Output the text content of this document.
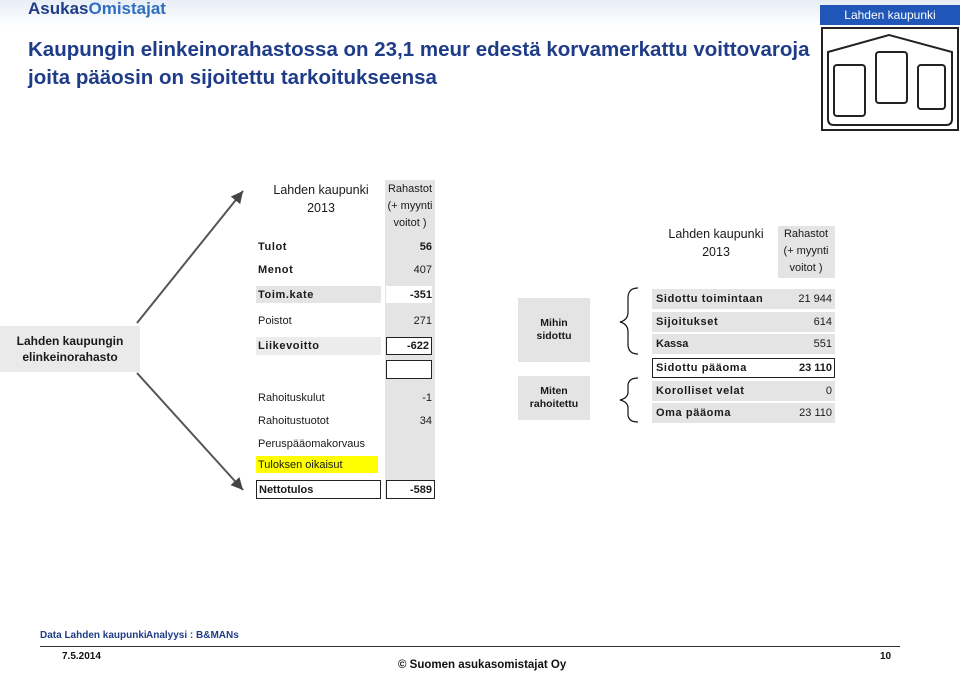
AsukasOmistajat	Lahden kaupunki
Kaupungin elinkeinorahastossa on 23,1 meur edestä korvamerkattu voittovaroja joita pääosin on sijoitettu tarkoitukseensa
Lahden kaupungin
elinkeinorahasto
Lahden kaupunki
2013
Rahastot
(+ myynti
voitot )
Tulot	56
Menot	407
Toim.kate	-351
Poistot	271
Liikevoitto	-622
Rahoituskulut	-1
Rahoitustuotot	34
Peruspääomakorvaus
Tuloksen oikaisut
Nettotulos	-589
Mihin
sidottu
Miten
rahoitettu
Lahden kaupunki
2013
Rahastot
(+ myynti
voitot )
Sidottu toimintaan	21 944
Sijoitukset	614
Kassa	551
Sidottu pääoma	23 110
Korolliset velat	0
Oma pääoma	23 110
Data Lahden kaupunki Analyysi : B&MANs
7.5.2014
© Suomen asukasomistajat Oy
10
